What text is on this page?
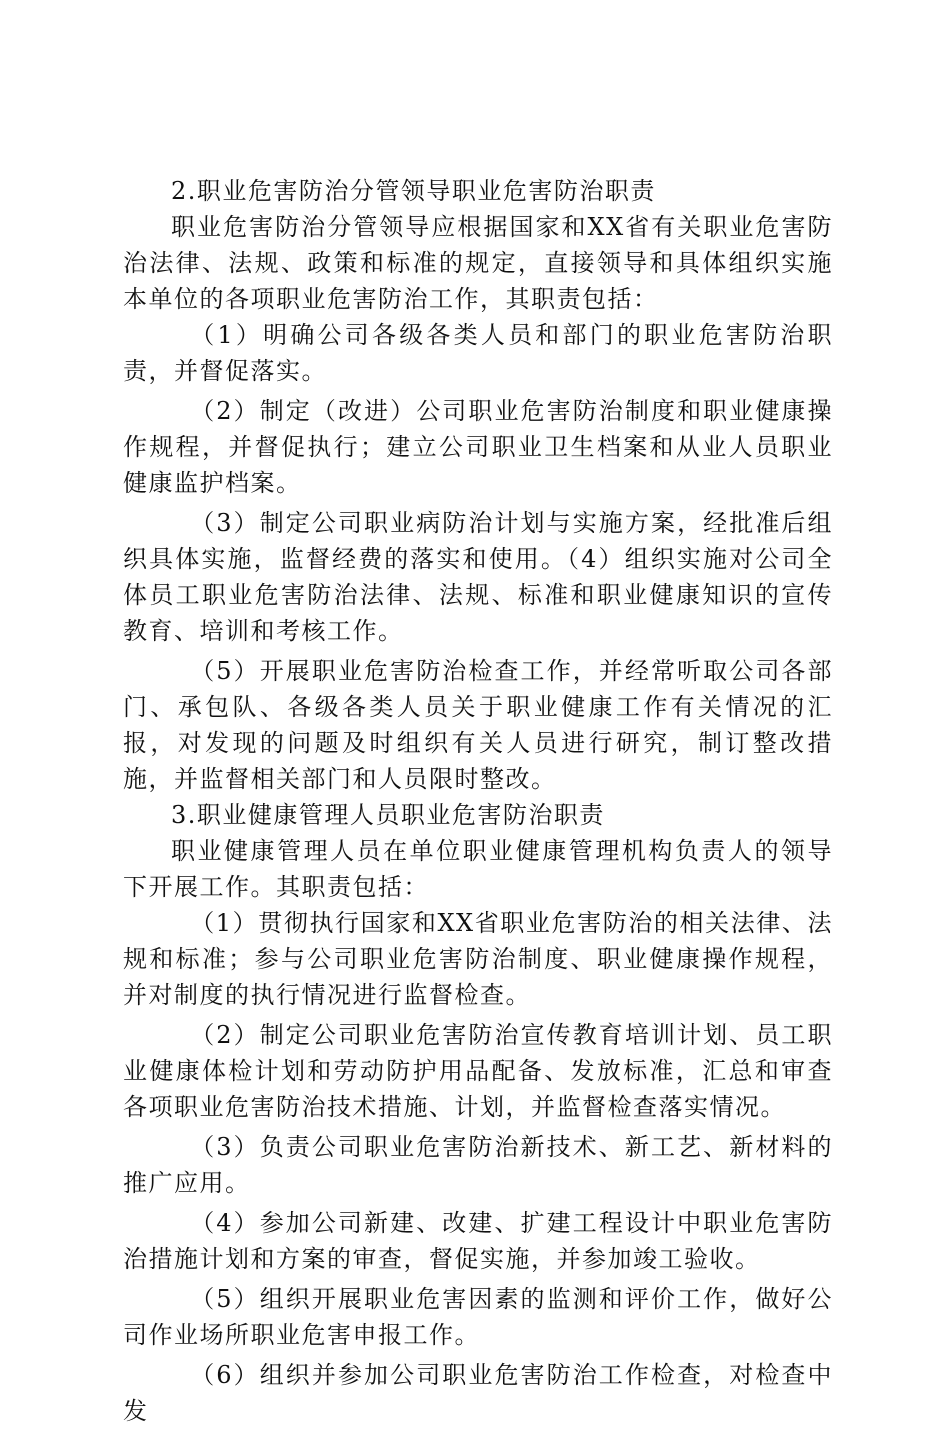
2.职业危害防治分管领导职业危害防治职责

职业危害防治分管领导应根据国家和XX省有关职业危害防治法律、法规、政策和标准的规定，直接领导和具体组织实施本单位的各项职业危害防治工作，其职责包括：

（1）明确公司各级各类人员和部门的职业危害防治职责，并督促落实。

（2）制定（改进）公司职业危害防治制度和职业健康操作规程，并督促执行；建立公司职业卫生档案和从业人员职业健康监护档案。

（3）制定公司职业病防治计划与实施方案，经批准后组织具体实施，监督经费的落实和使用。（4）组织实施对公司全体员工职业危害防治法律、法规、标准和职业健康知识的宣传教育、培训和考核工作。

（5）开展职业危害防治检查工作，并经常听取公司各部门、承包队、各级各类人员关于职业健康工作有关情况的汇报，对发现的问题及时组织有关人员进行研究，制订整改措施，并监督相关部门和人员限时整改。

3.职业健康管理人员职业危害防治职责

职业健康管理人员在单位职业健康管理机构负责人的领导下开展工作。其职责包括：

（1）贯彻执行国家和XX省职业危害防治的相关法律、法规和标准；参与公司职业危害防治制度、职业健康操作规程，并对制度的执行情况进行监督检查。

（2）制定公司职业危害防治宣传教育培训计划、员工职业健康体检计划和劳动防护用品配备、发放标准，汇总和审查各项职业危害防治技术措施、计划，并监督检查落实情况。

（3）负责公司职业危害防治新技术、新工艺、新材料的推广应用。

（4）参加公司新建、改建、扩建工程设计中职业危害防治措施计划和方案的审查，督促实施，并参加竣工验收。

（5）组织开展职业危害因素的监测和评价工作，做好公司作业场所职业危害申报工作。

（6）组织并参加公司职业危害防治工作检查，对检查中发
